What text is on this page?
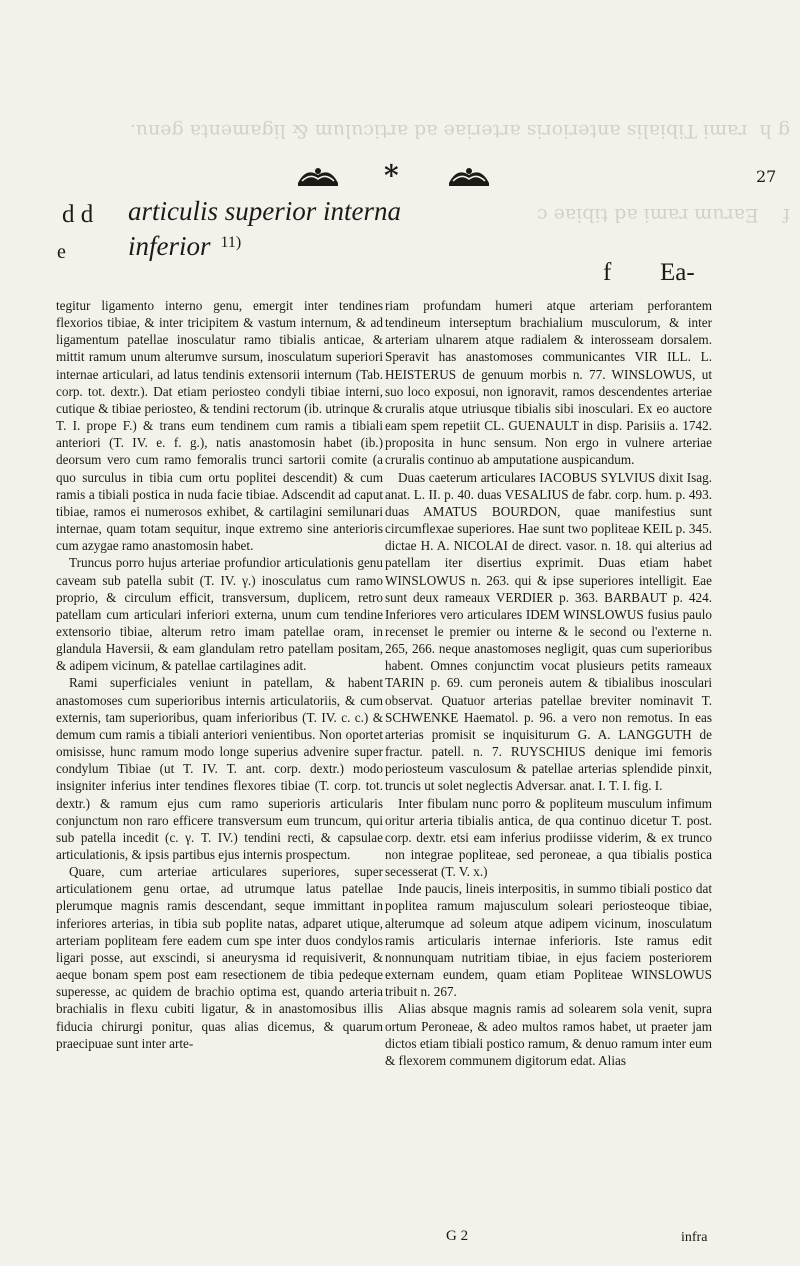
f    Earum rami ad tibiae c

g h  rami Tibialis anterioris arteriae ad articulum & ligamenta genu.

*	27
d d
e
articulis superior interna
inferior $^{11)}$
f Ea-

tegitur ligamento interno genu, emergit inter tendines flexorios tibiae, & inter tricipitem & vastum internum, & ad ligamentum patellae inosculatur ramo tibialis anticae, & mittit ramum unum alterumve sursum, inosculatum superiori internae articulari, ad latus tendinis extensorii internum (Tab. corp. tot. dextr.). Dat etiam periosteo condyli tibiae interni, cutique & tibiae periosteo, & tendini rectorum (ib. utrinque & T. I. prope F.) & trans eum tendinem cum ramis a tibiali anteriori (T. IV. e. f. g.), natis anastomosin habet (ib.) deorsum vero cum ramo femoralis trunci sartorii comite (a quo surculus in tibia cum ortu poplitei descendit) & cum ramis a tibiali postica in nuda facie tibiae. Adscendit ad caput tibiae, ramos ei numerosos exhibet, & cartilagini semilunari internae, quam totam sequitur, inque extremo sine anterioris cum azygae ramo anastomosin habet.

Truncus porro hujus arteriae profundior articulationis genu caveam sub patella subit (T. IV. γ.) inosculatus cum ramo proprio, & circulum efficit, transversum, duplicem, retro patellam cum articulari inferiori externa, unum cum tendine extensorio tibiae, alterum retro imam patellae oram, in glandula Haversii, & eam glandulam retro patellam positam, & adipem vicinum, & patellae cartilagines adit.

Rami superficiales veniunt in patellam, & habent anastomoses cum superioribus internis articulatoriis, & cum externis, tam superioribus, quam inferioribus (T. IV. c. c.) & demum cum ramis a tibiali anteriori venientibus. Non oportet omisisse, hunc ramum modo longe superius advenire super condylum Tibiae (ut T. IV. T. ant. corp. dextr.) modo insigniter inferius inter tendines flexores tibiae (T. corp. tot. dextr.) & ramum ejus cum ramo superioris articularis conjunctum non raro efficere transversum eum truncum, qui sub patella incedit (c. γ. T. IV.) tendini recti, & capsulae articulationis, & ipsis partibus ejus internis prospectum.

Quare, cum arteriae articulares superiores, super articulationem genu ortae, ad utrumque latus patellae plerumque magnis ramis descendant, seque immittant in inferiores arterias, in tibia sub poplite natas, adparet utique, arteriam popliteam fere eadem cum spe inter duos condylos ligari posse, aut exscindi, si aneurysma id requisiverit, & aeque bonam spem post eam resectionem de tibia pedeque superesse, ac quidem de brachio optima est, quando arteria brachialis in flexu cubiti ligatur, & in anastomosibus illis fiducia chirurgi ponitur, quas alias dicemus, & quarum praecipuae sunt inter arte-

riam profundam humeri atque arteriam perforantem tendineum interseptum brachialium musculorum, & inter arteriam ulnarem atque radialem & interosseam dorsalem. Speravit has anastomoses communicantes VIR ILL. L. HEISTERUS de genuum morbis n. 77. WINSLOWUS, ut suo loco exposui, non ignoravit, ramos descendentes arteriae cruralis atque utriusque tibialis sibi inosculari. Ex eo auctore eam spem repetiit CL. GUENAULT in disp. Parisiis a. 1742. proposita in hunc sensum. Non ergo in vulnere arteriae cruralis continuo ab amputatione auspicandum.

Duas caeterum articulares IACOBUS SYLVIUS dixit Isag. anat. L. II. p. 40. duas VESALIUS de fabr. corp. hum. p. 493. duas AMATUS BOURDON, quae manifestius sunt circumflexae superiores. Hae sunt two popliteae KEIL p. 345. dictae H. A. NICOLAI de direct. vasor. n. 18. qui alterius ad patellam iter disertius exprimit. Duas etiam habet WINSLOWUS n. 263. qui & ipse superiores intelligit. Eae sunt deux rameaux VERDIER p. 363. BARBAUT p. 424. Inferiores vero articulares IDEM WINSLOWUS fusius paulo recenset le premier ou interne & le second ou l'externe n. 265, 266. neque anastomoses negligit, quas cum superioribus habent. Omnes conjunctim vocat plusieurs petits rameaux TARIN p. 69. cum peroneis autem & tibialibus inosculari observat. Quatuor arterias patellae breviter nominavit T. SCHWENKE Haematol. p. 96. a vero non remotus. In eas arterias promisit se inquisiturum G. A. LANGGUTH de fractur. patell. n. 7. RUYSCHIUS denique imi femoris periosteum vasculosum & patellae arterias splendide pinxit, truncis ut solet neglectis Adversar. anat. I. T. I. fig. I.

Inter fibulam nunc porro & popliteum musculum infimum oritur arteria tibialis antica, de qua continuo dicetur T. post. corp. dextr. etsi eam inferius prodiisse viderim, & ex trunco non integrae popliteae, sed peroneae, a qua tibialis postica secesserat (T. V. x.)

Inde paucis, lineis interpositis, in summo tibiali postico dat poplitea ramum majusculum soleari periosteoque tibiae, alterumque ad soleum atque adipem vicinum, inosculatum ramis articularis internae inferioris. Iste ramus edit nonnunquam nutritiam tibiae, in ejus faciem posteriorem externam eundem, quam etiam Popliteae WINSLOWUS tribuit n. 267.

Alias absque magnis ramis ad solearem sola venit, supra ortum Peroneae, & adeo multos ramos habet, ut praeter jam dictos etiam tibiali postico ramum, & denuo ramum inter eum & flexorem communem digitorum edat. Alias

G 2	infra
